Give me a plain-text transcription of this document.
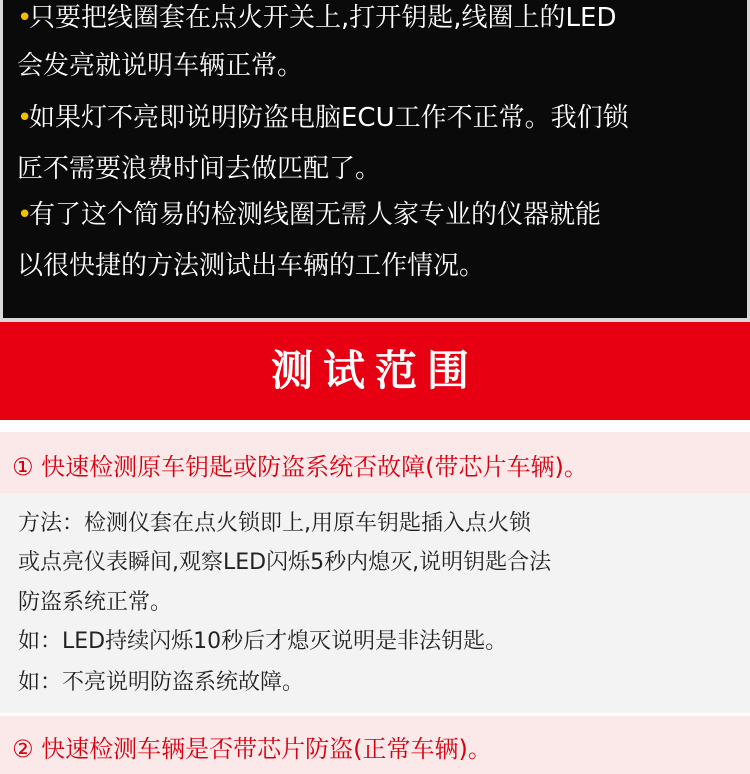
•只要把线圈套在点火开关上,打开钥匙,线圈上的LED
会发亮就说明车辆正常。
•如果灯不亮即说明防盗电脑ECU工作不正常。我们锁
匠不需要浪费时间去做匹配了。
•有了这个简易的检测线圈无需人家专业的仪器就能
以很快捷的方法测试出车辆的工作情况。
测试范围
① 快速检测原车钥匙或防盗系统否故障(带芯片车辆)。
方法：检测仪套在点火锁即上,用原车钥匙插入点火锁
或点亮仪表瞬间,观察LED闪烁5秒内熄灭,说明钥匙合法
防盗系统正常。
如：LED持续闪烁10秒后才熄灭说明是非法钥匙。
如：不亮说明防盗系统故障。
② 快速检测车辆是否带芯片防盗(正常车辆)。
